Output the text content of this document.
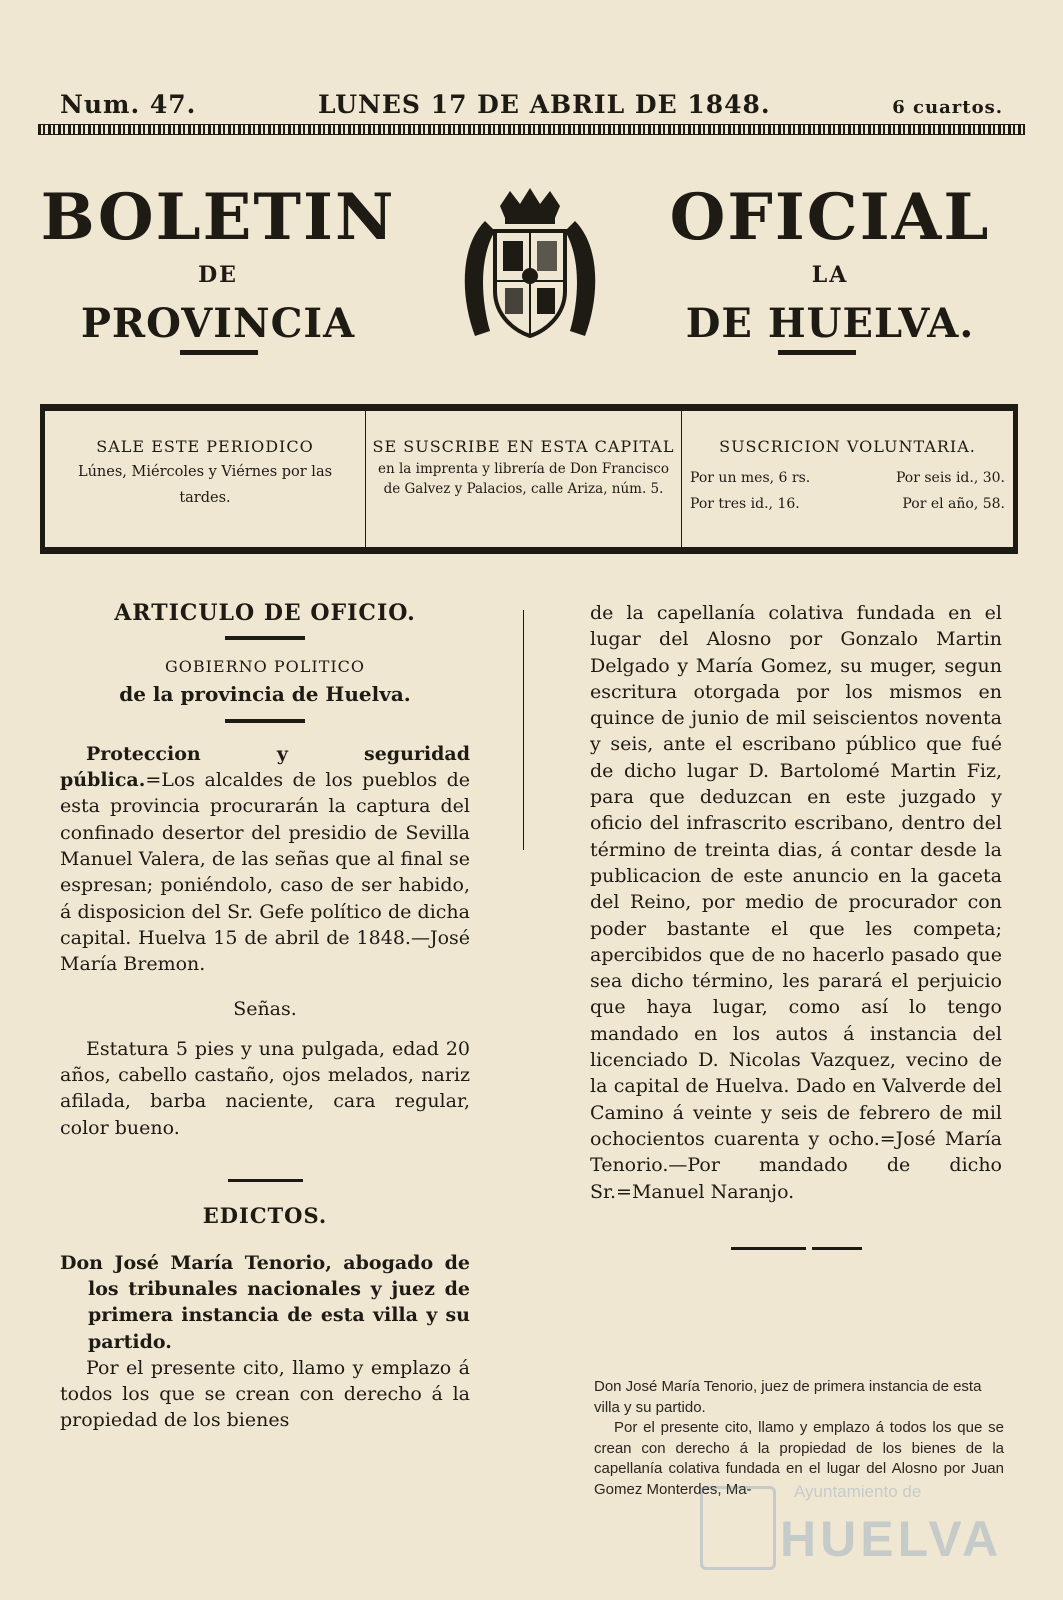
Num. 47.	LUNES 17 DE ABRIL DE 1848.	6 cuartos.
BOLETIN	OFICIAL
DE	LA
PROVINCIA	DE HUELVA.
SALE ESTE PERIODICO
Lúnes, Miércoles y Viérnes por las tardes.
SE SUSCRIBE EN ESTA CAPITAL
en la imprenta y librería de Don Francisco de Galvez y Palacios, calle Ariza, núm. 5.
SUSCRICION VOLUNTARIA.
Por un mes, 6 rs.	Por seis id., 30.
Por tres id., 16.	Por el año, 58.
ARTICULO DE OFICIO.
GOBIERNO POLITICO
de la provincia de Huelva.
Proteccion y seguridad pública.=Los alcaldes de los pueblos de esta provincia procurarán la captura del confinado desertor del presidio de Sevilla Manuel Valera, de las señas que al final se espresan; poniéndolo, caso de ser habido, á disposicion del Sr. Gefe político de dicha capital. Huelva 15 de abril de 1848.—José María Bremon.
Señas.
Estatura 5 pies y una pulgada, edad 20 años, cabello castaño, ojos melados, nariz afilada, barba naciente, cara regular, color bueno.
EDICTOS.
Don José María Tenorio, abogado de los tribunales nacionales y juez de primera instancia de esta villa y su partido.
Por el presente cito, llamo y emplazo á todos los que se crean con derecho á la propiedad de los bienes
de la capellanía colativa fundada en el lugar del Alosno por Gonzalo Martin Delgado y María Gomez, su muger, segun escritura otorgada por los mismos en quince de junio de mil seiscientos noventa y seis, ante el escribano público que fué de dicho lugar D. Bartolomé Martin Fiz, para que deduzcan en este juzgado y oficio del infrascrito escribano, dentro del término de treinta dias, á contar desde la publicacion de este anuncio en la gaceta del Reino, por medio de procurador con poder bastante el que les competa; apercibidos que de no hacerlo pasado que sea dicho término, les parará el perjuicio que haya lugar, como así lo tengo mandado en los autos á instancia del licenciado D. Nicolas Vazquez, vecino de la capital de Huelva. Dado en Valverde del Camino á veinte y seis de febrero de mil ochocientos cuarenta y ocho.=José María Tenorio.—Por mandado de dicho Sr.=Manuel Naranjo.
Don José María Tenorio, juez de primera instancia de esta villa y su partido.
Por el presente cito, llamo y emplazo á todos los que se crean con derecho á la propiedad de los bienes de la capellanía colativa fundada en el lugar del Alosno por Juan Gomez Monterdes, Ma-	Ayuntamiento de
HUELVA
